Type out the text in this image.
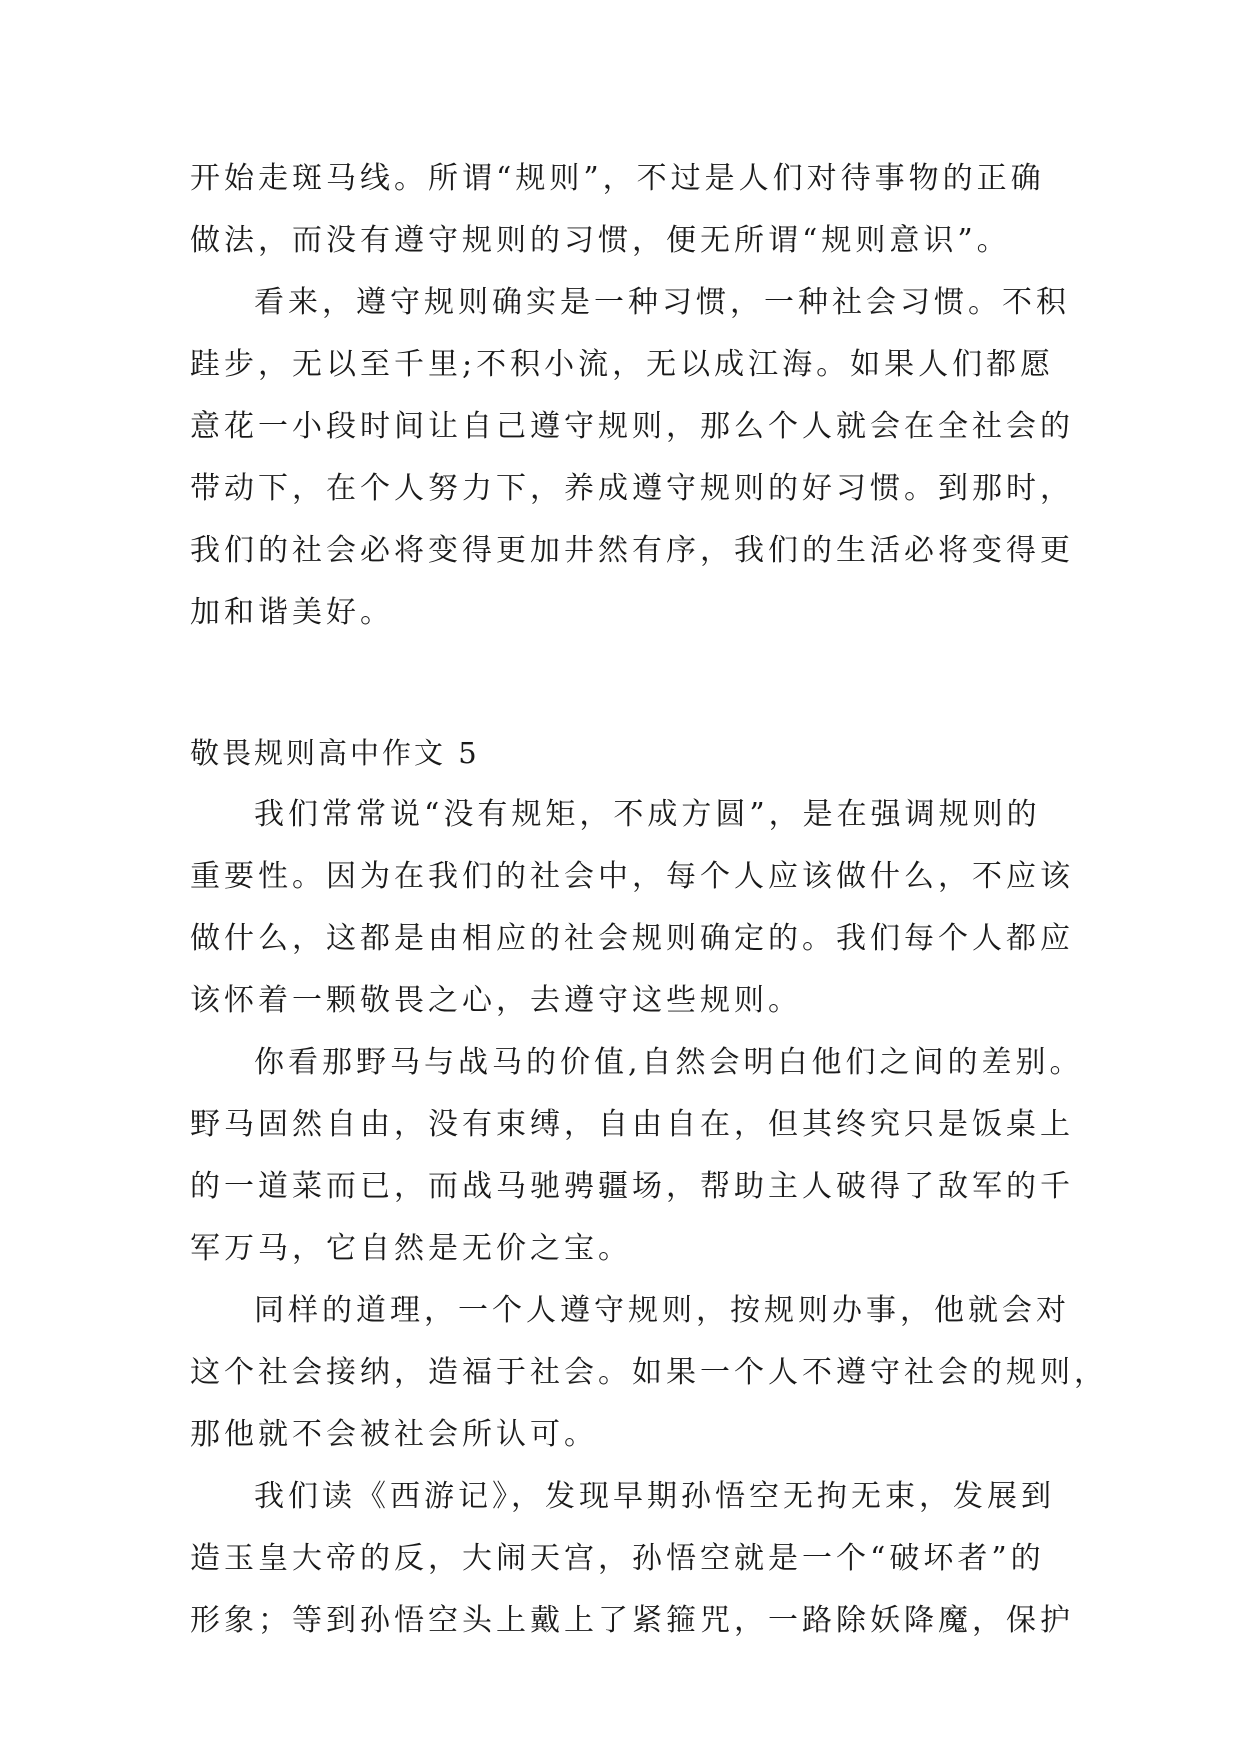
开始走斑马线。所谓“规则”，不过是人们对待事物的正确
做法，而没有遵守规则的习惯，便无所谓“规则意识”。
看来，遵守规则确实是一种习惯，一种社会习惯。不积
跬步，无以至千里;不积小流，无以成江海。如果人们都愿
意花一小段时间让自己遵守规则，那么个人就会在全社会的
带动下，在个人努力下，养成遵守规则的好习惯。到那时，
我们的社会必将变得更加井然有序，我们的生活必将变得更
加和谐美好。
敬畏规则高中作文 5
我们常常说“没有规矩，不成方圆”，是在强调规则的
重要性。因为在我们的社会中，每个人应该做什么，不应该
做什么，这都是由相应的社会规则确定的。我们每个人都应
该怀着一颗敬畏之心，去遵守这些规则。
你看那野马与战马的价值,自然会明白他们之间的差别。
野马固然自由，没有束缚，自由自在，但其终究只是饭桌上
的一道菜而已，而战马驰骋疆场，帮助主人破得了敌军的千
军万马，它自然是无价之宝。
同样的道理，一个人遵守规则，按规则办事，他就会对
这个社会接纳，造福于社会。如果一个人不遵守社会的规则，
那他就不会被社会所认可。
我们读《西游记》，发现早期孙悟空无拘无束，发展到
造玉皇大帝的反，大闹天宫，孙悟空就是一个“破坏者”的
形象；等到孙悟空头上戴上了紧箍咒，一路除妖降魔，保护
